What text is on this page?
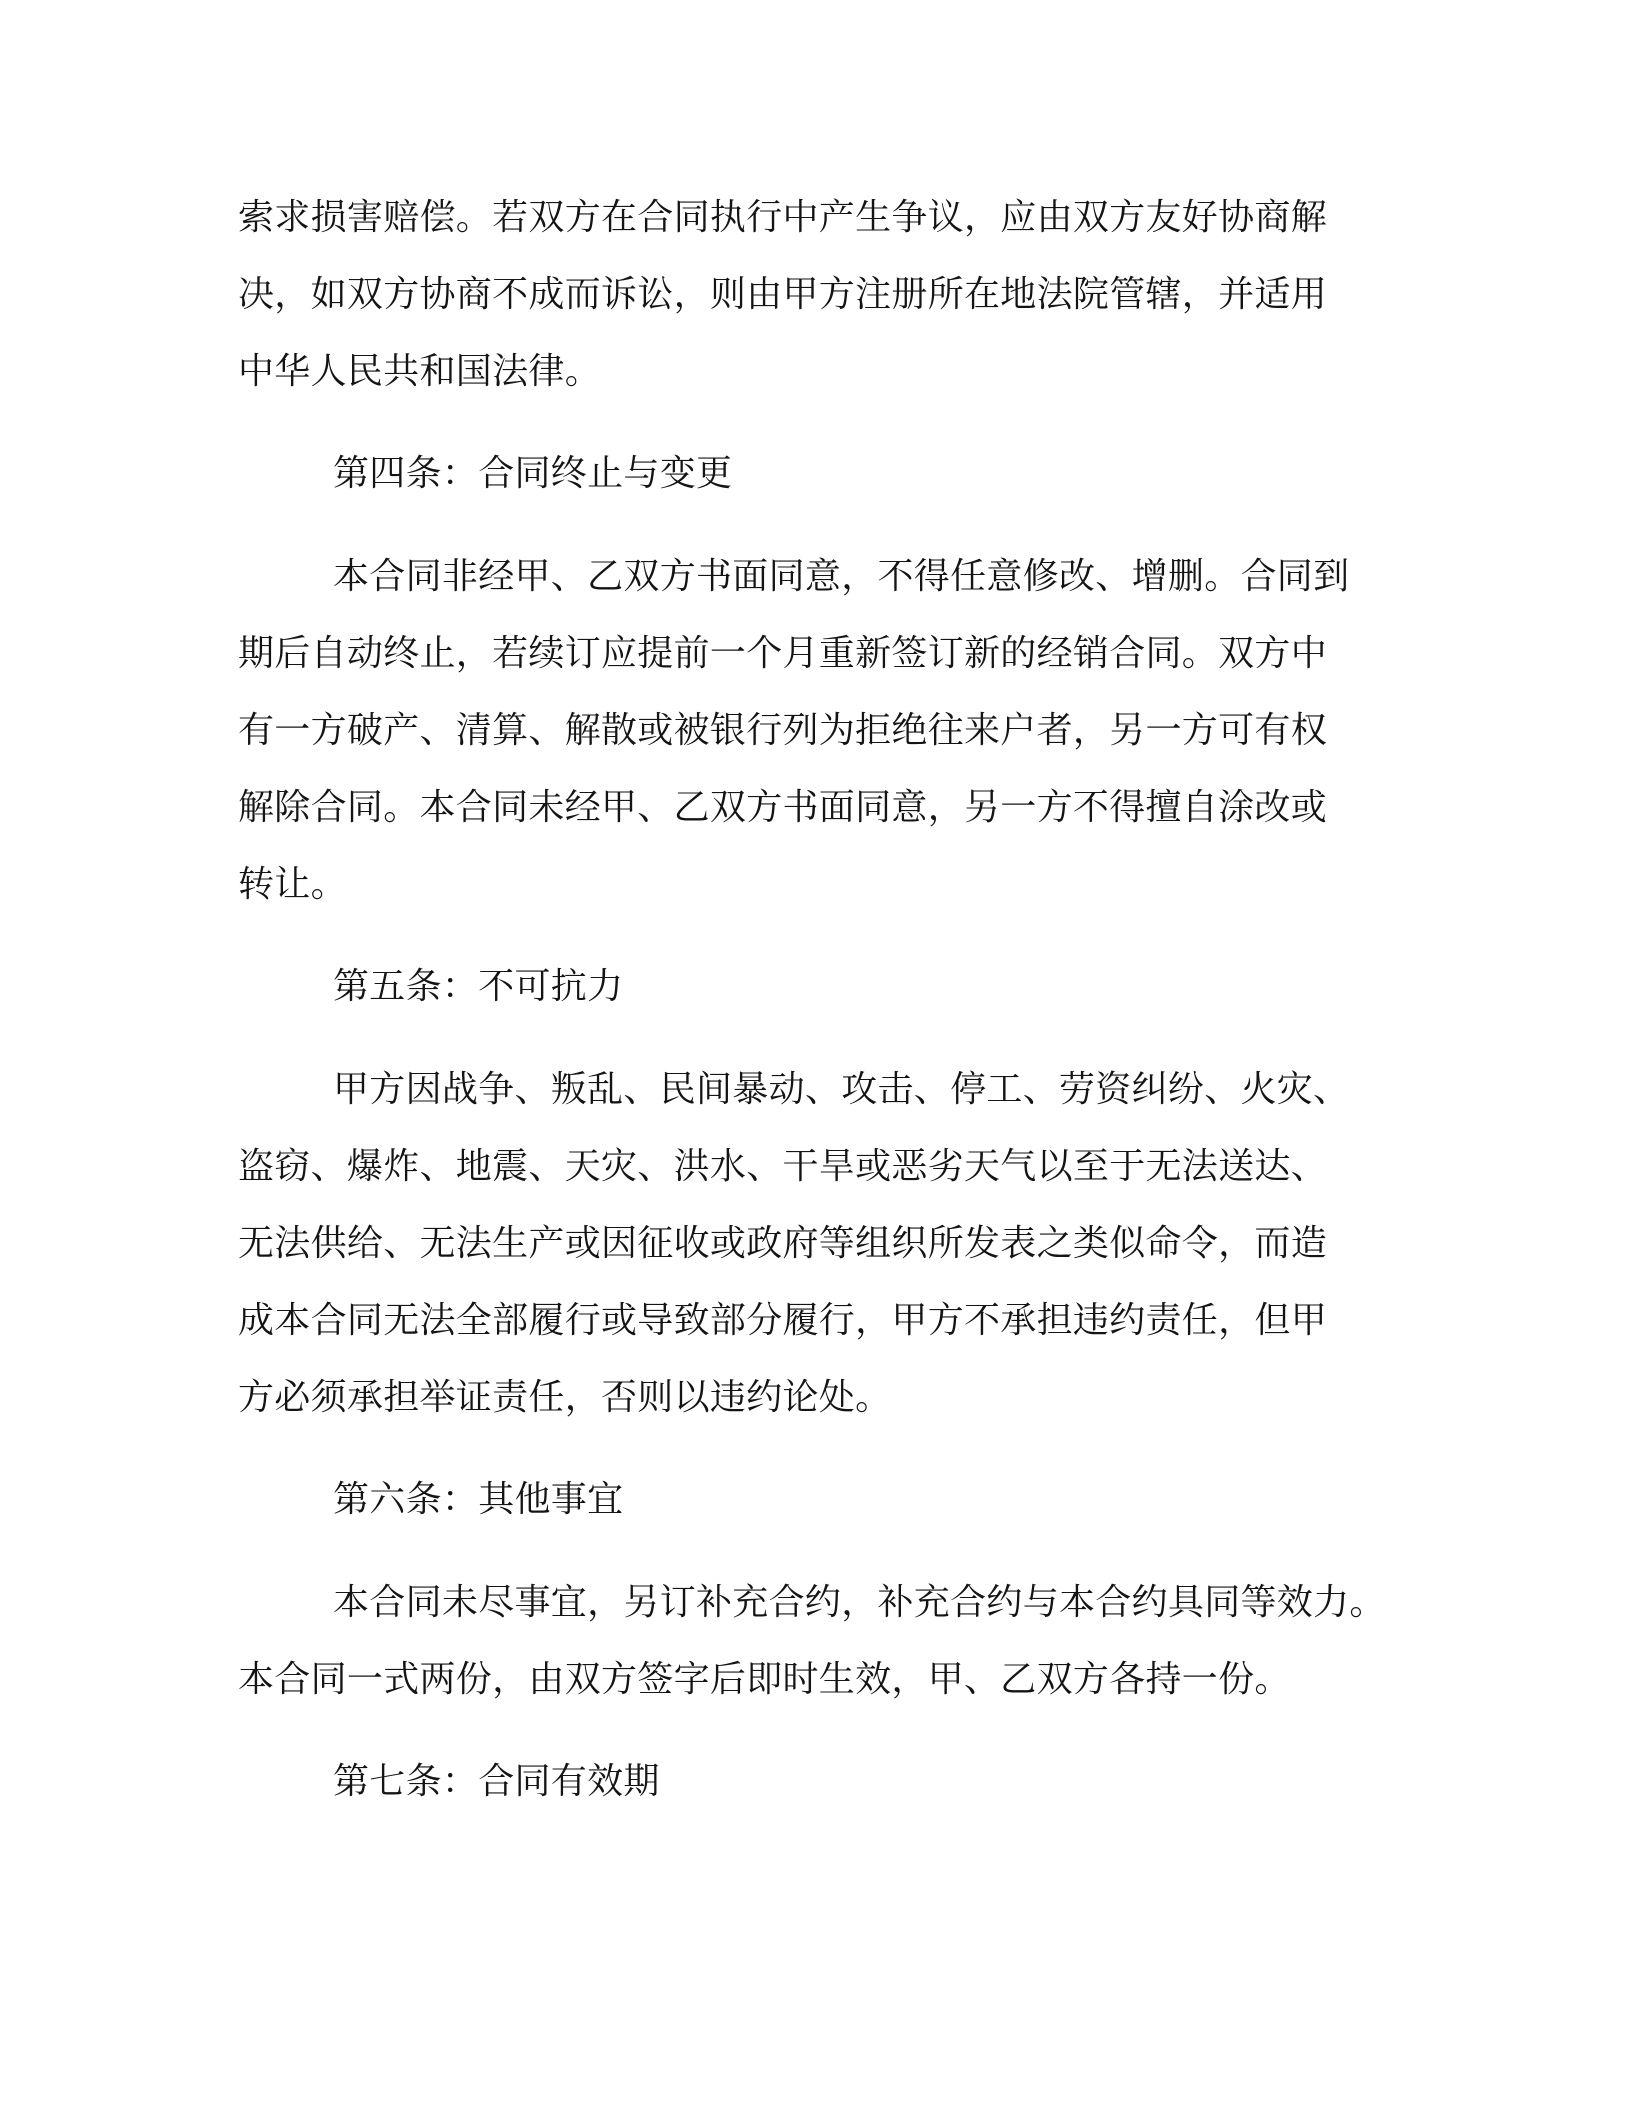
索求损害赔偿。若双方在合同执行中产生争议，应由双方友好协商解
决，如双方协商不成而诉讼，则由甲方注册所在地法院管辖，并适用
中华人民共和国法律。
第四条：合同终止与变更
本合同非经甲、乙双方书面同意，不得任意修改、增删。合同到
期后自动终止，若续订应提前一个月重新签订新的经销合同。双方中
有一方破产、清算、解散或被银行列为拒绝往来户者，另一方可有权
解除合同。本合同未经甲、乙双方书面同意，另一方不得擅自涂改或
转让。
第五条：不可抗力
甲方因战争、叛乱、民间暴动、攻击、停工、劳资纠纷、火灾、
盗窃、爆炸、地震、天灾、洪水、干旱或恶劣天气以至于无法送达、
无法供给、无法生产或因征收或政府等组织所发表之类似命令，而造
成本合同无法全部履行或导致部分履行，甲方不承担违约责任，但甲
方必须承担举证责任，否则以违约论处。
第六条：其他事宜
本合同未尽事宜，另订补充合约，补充合约与本合约具同等效力。
本合同一式两份，由双方签字后即时生效，甲、乙双方各持一份。
第七条：合同有效期
